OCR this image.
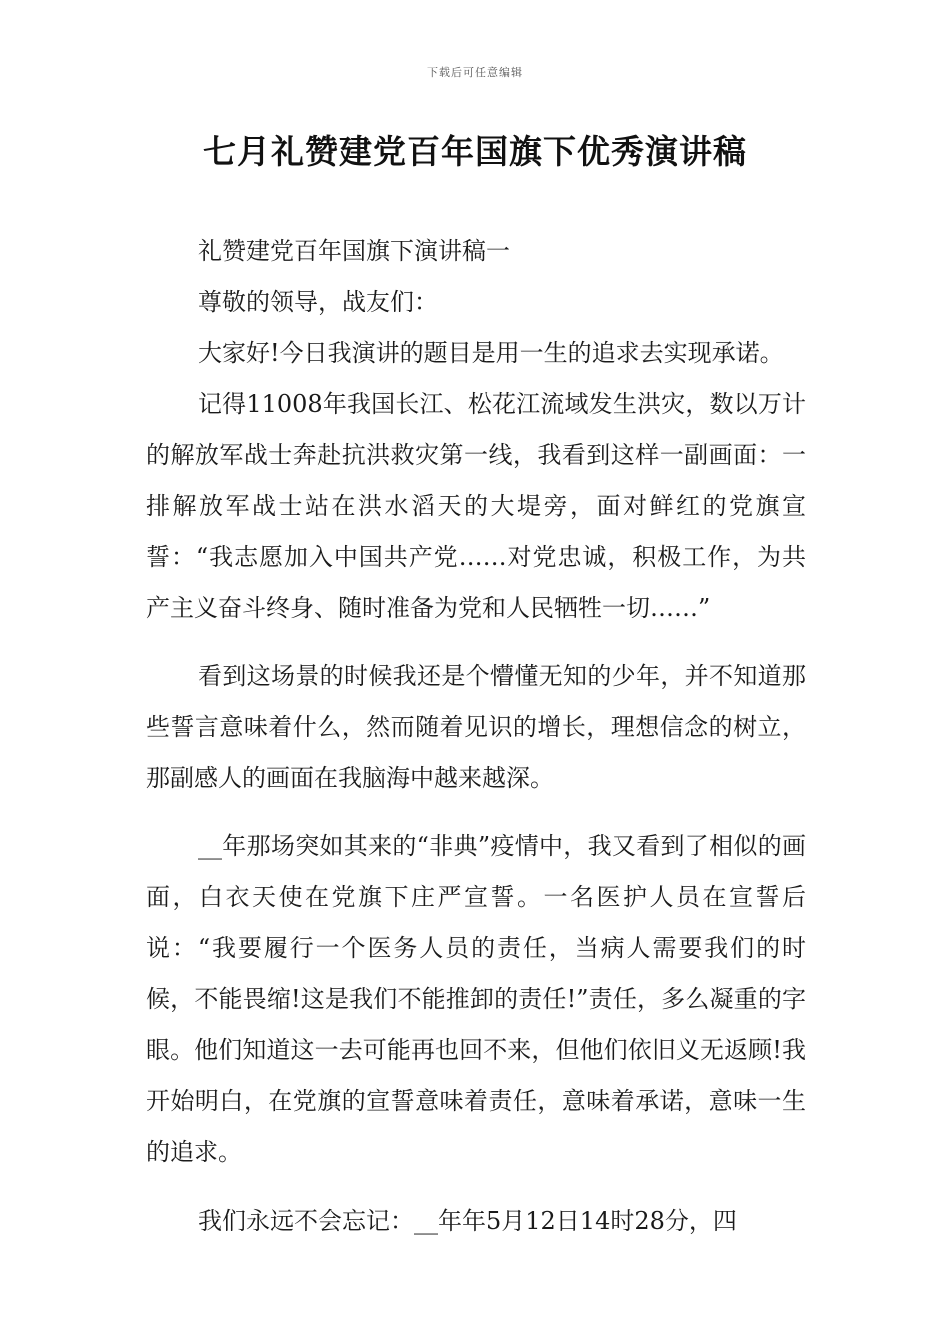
下载后可任意编辑
七月礼赞建党百年国旗下优秀演讲稿

礼赞建党百年国旗下演讲稿一

尊敬的领导，战友们：

大家好!今日我演讲的题目是用一生的追求去实现承诺。

记得11008年我国长江、松花江流域发生洪灾，数以万计的解放军战士奔赴抗洪救灾第一线，我看到这样一副画面：一排解放军战士站在洪水滔天的大堤旁，面对鲜红的党旗宣誓：“我志愿加入中国共产党……对党忠诚，积极工作，为共产主义奋斗终身、随时准备为党和人民牺牲一切……”

看到这场景的时候我还是个懵懂无知的少年，并不知道那些誓言意味着什么，然而随着见识的增长，理想信念的树立，那副感人的画面在我脑海中越来越深。

__年那场突如其来的“非典”疫情中，我又看到了相似的画面，白衣天使在党旗下庄严宣誓。一名医护人员在宣誓后说：“我要履行一个医务人员的责任，当病人需要我们的时候，不能畏缩!这是我们不能推卸的责任!”责任，多么凝重的字眼。他们知道这一去可能再也回不来，但他们依旧义无返顾!我开始明白，在党旗的宣誓意味着责任，意味着承诺，意味一生的追求。

我们永远不会忘记：__年年5月12日14时28分，四
